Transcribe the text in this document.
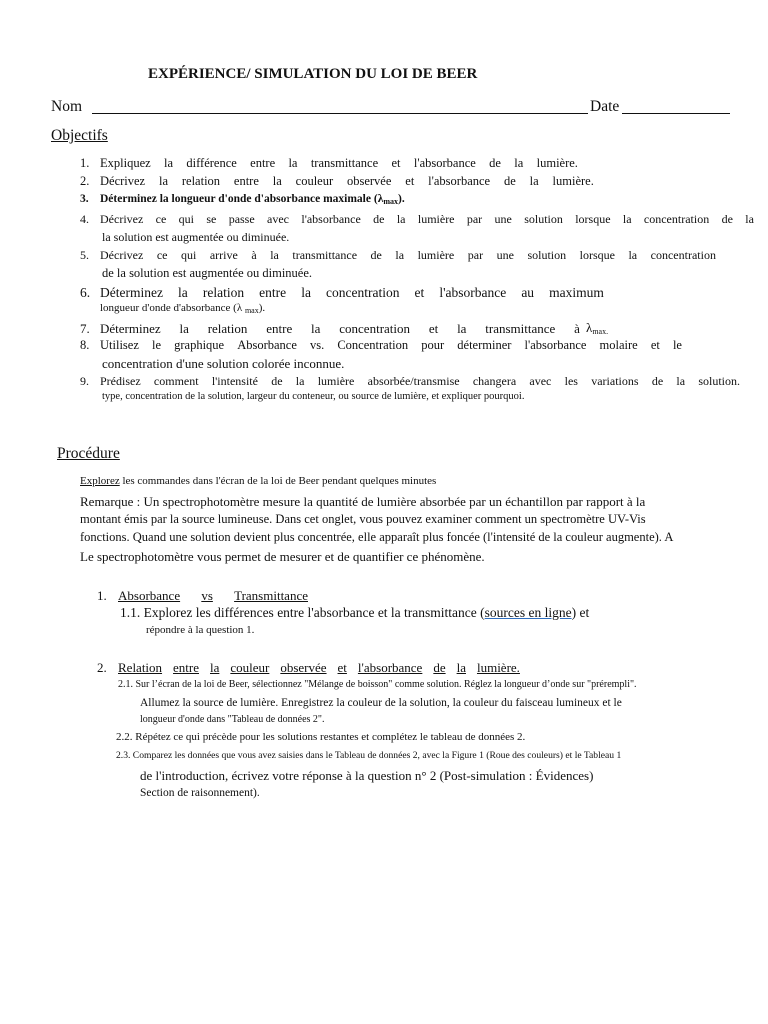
EXPÉRIENCE/ SIMULATION DU LOI DE BEER
Nom	Date
Objectifs
1. Expliquez la différence entre la transmittance et l'absorbance de la lumière.
2. Décrivez la relation entre la couleur observée et l'absorbance de la lumière.
3. Déterminez la longueur d'onde d'absorbance maximale $(\lambda_{max})$.
4. Décrivez ce qui se passe avec l'absorbance de la lumière par une solution lorsque la concentration de la
la solution est augmentée ou diminuée.
5. Décrivez ce qui arrive à la transmittance de la lumière par une solution lorsque la concentration
de la solution est augmentée ou diminuée.
6. Déterminez la relation entre la concentration et l'absorbance au maximum
longueur d'onde d'absorbance (λ $_{max}$).
7. Déterminez la relation entre la concentration et la transmittance à $\lambda_{max.}$
8. Utilisez le graphique Absorbance vs. Concentration pour déterminer l'absorbance molaire et le
concentration d'une solution colorée inconnue.
9. Prédisez comment l'intensité de la lumière absorbée/transmise changera avec les variations de la solution.
type, concentration de la solution, largeur du conteneur, ou source de lumière, et expliquer pourquoi.
Procédure
Explorez les commandes dans l'écran de la loi de Beer pendant quelques minutes
Remarque : Un spectrophotomètre mesure la quantité de lumière absorbée par un échantillon par rapport à la
montant émis par la source lumineuse. Dans cet onglet, vous pouvez examiner comment un spectromètre UV-Vis
fonctions. Quand une solution devient plus concentrée, elle apparaît plus foncée (l'intensité de la couleur augmente). A
Le spectrophotomètre vous permet de mesurer et de quantifier ce phénomène.
1. Absorbance vs Transmittance
1.1. Explorez les différences entre l'absorbance et la transmittance (sources en ligne) et
répondre à la question 1.
2. Relation entre la couleur observée et l'absorbance de la lumière.
2.1. Sur l’écran de la loi de Beer, sélectionnez "Mélange de boisson" comme solution. Réglez la longueur d’onde sur "prérempli".
Allumez la source de lumière. Enregistrez la couleur de la solution, la couleur du faisceau lumineux et le
longueur d'onde dans "Tableau de données 2".
2.2. Répétez ce qui précède pour les solutions restantes et complétez le tableau de données 2.
2.3. Comparez les données que vous avez saisies dans le Tableau de données 2, avec la Figure 1 (Roue des couleurs) et le Tableau 1
de l'introduction, écrivez votre réponse à la question n° 2 (Post-simulation : Évidences)
Section de raisonnement).
